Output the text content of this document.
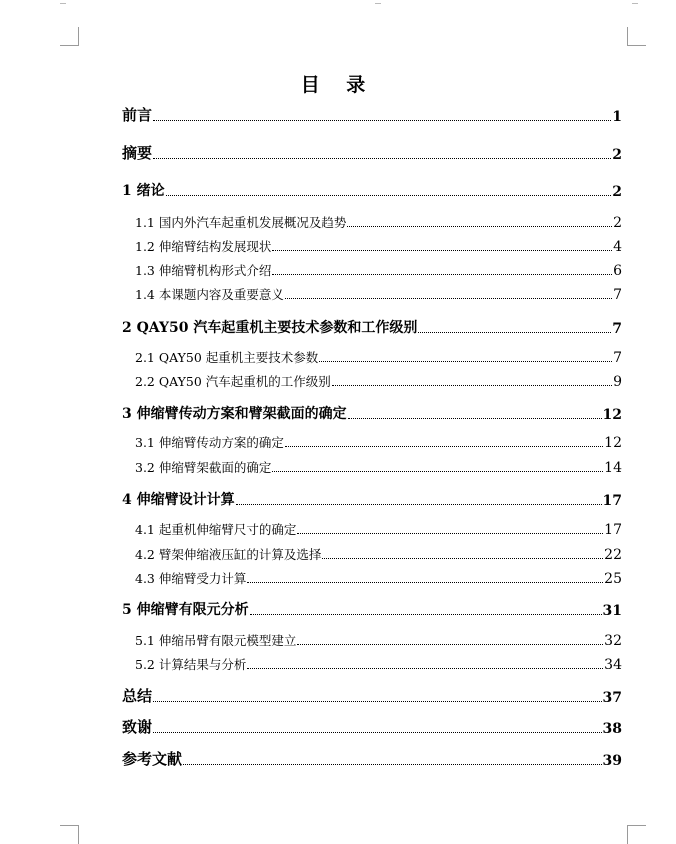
目 录
前言	1
摘要	2
1 绪论	2
1.1 国内外汽车起重机发展概况及趋势	2
1.2 伸缩臂结构发展现状	4
1.3 伸缩臂机构形式介绍	6
1.4 本课题内容及重要意义	7
2 QAY50 汽车起重机主要技术参数和工作级别	7
2.1 QAY50 起重机主要技术参数	7
2.2 QAY50 汽车起重机的工作级别	9
3 伸缩臂传动方案和臂架截面的确定	12
3.1 伸缩臂传动方案的确定	12
3.2 伸缩臂架截面的确定	14
4 伸缩臂设计计算	17
4.1 起重机伸缩臂尺寸的确定	17
4.2 臂架伸缩液压缸的计算及选择	22
4.3 伸缩臂受力计算	25
5 伸缩臂有限元分析	31
5.1 伸缩吊臂有限元模型建立	32
5.2 计算结果与分析	34
总结	37
致谢	38
参考文献	39
